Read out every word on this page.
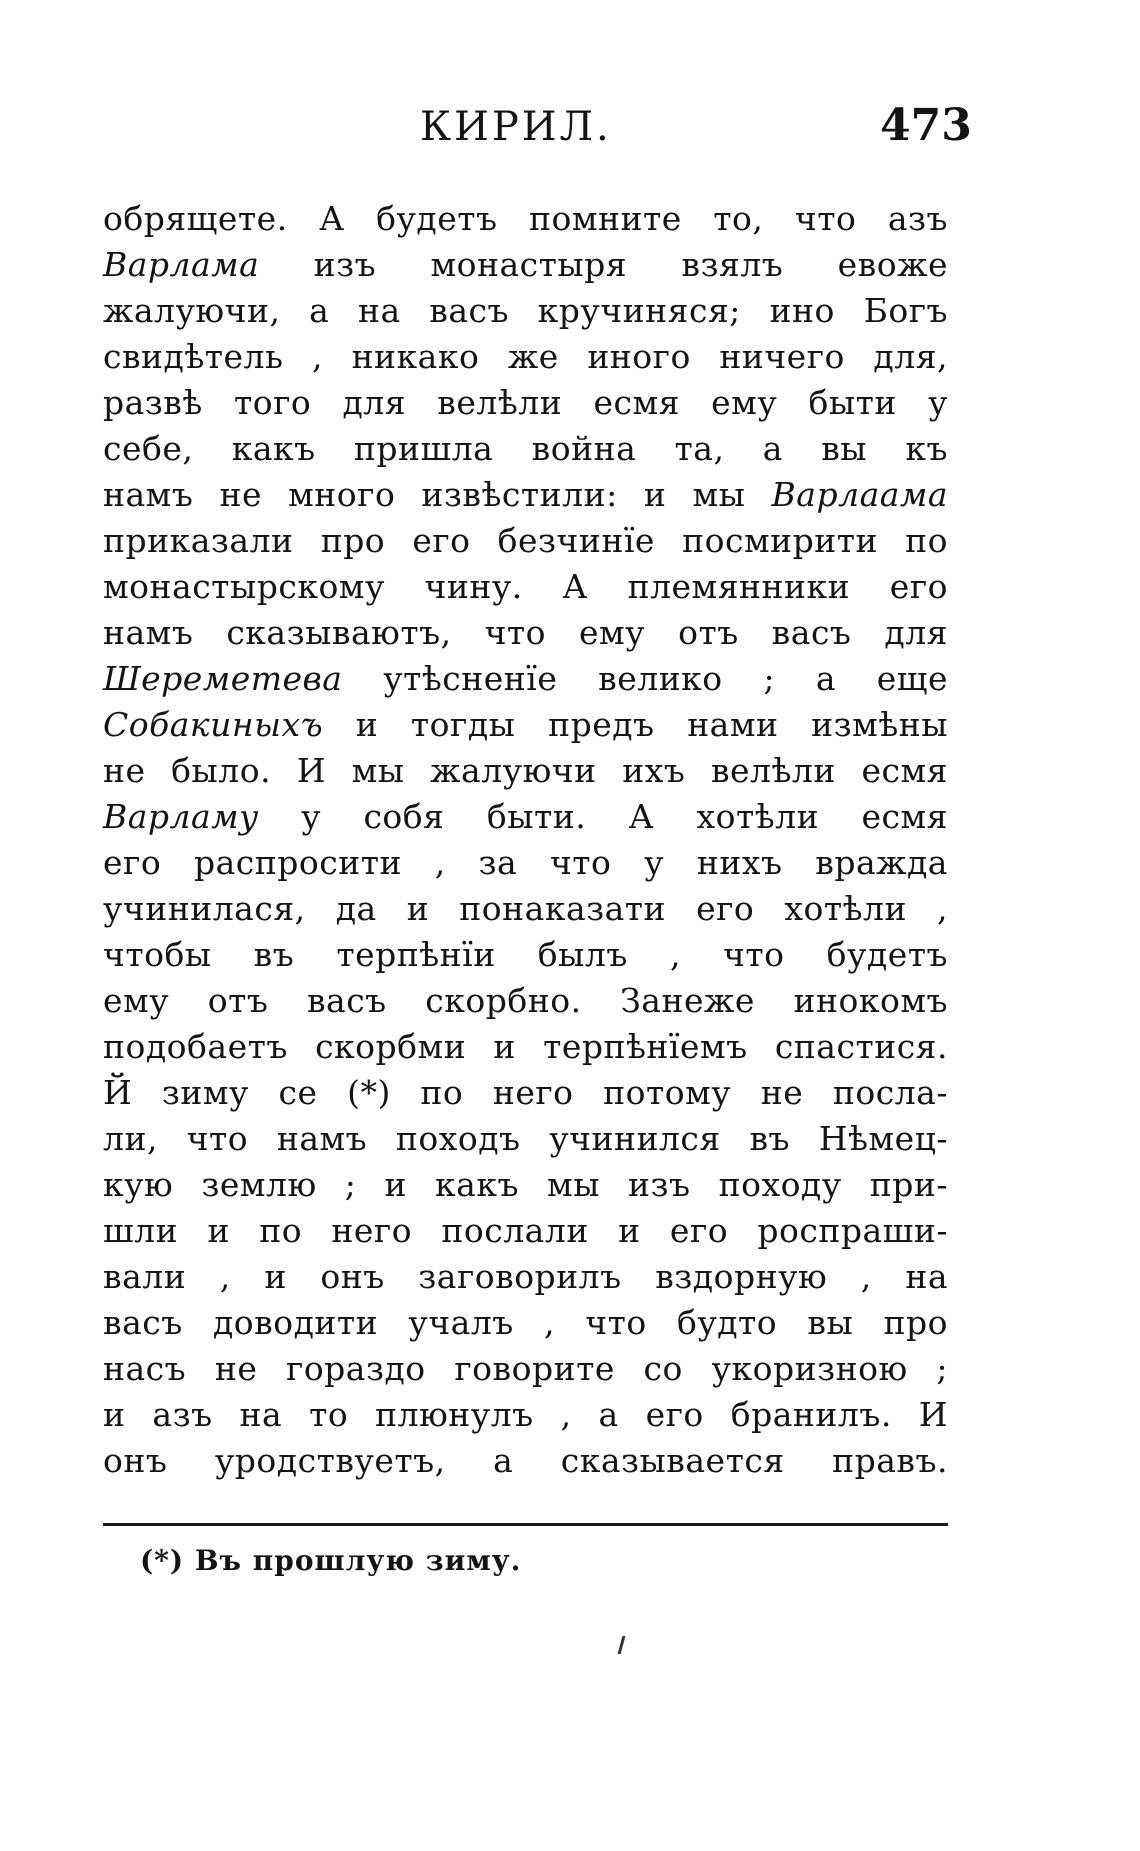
КИРИЛ.	473
обрящете. А будетъ помните то, что азъ
Варлама изъ монастыря взялъ евоже
жалуючи, а на васъ кручиняся; ино Богъ
свидѣтель , никако же иного ничего для,
развѣ того для велѣли есмя ему быти у
себе, какъ пришла война та, а вы къ
намъ не много извѣстили: и мы Варлаама
приказали про его безчинїе посмирити по
монастырскому чину. А племянники его
намъ сказываютъ, что ему отъ васъ для
Шереметева утѣсненїе велико ; а еще
Собакиныхъ и тогды предъ нами измѣны
не было. И мы жалуючи ихъ велѣли есмя
Варламу у собя быти. А хотѣли есмя
его распросити , за что у нихъ вражда
учинилася, да и понаказати его хотѣли ,
чтобы въ терпѣнїи былъ , что будетъ
ему отъ васъ скорбно. Занеже инокомъ
подобаетъ скорбми и терпѣнїемъ спастися.
Й зиму се (*) по него потому не посла-
ли, что намъ походъ учинился въ Нѣмец-
кую землю ; и какъ мы изъ походу при-
шли и по него послали и его роспраши-
вали , и онъ заговорилъ вздорную , на
васъ доводити учалъ , что будто вы про
насъ не гораздо говорите со укоризною ;
и азъ на то плюнулъ , а его бранилъ. И
онъ уродствуетъ, а сказывается правъ.
(*) Въ прошлую зиму.
